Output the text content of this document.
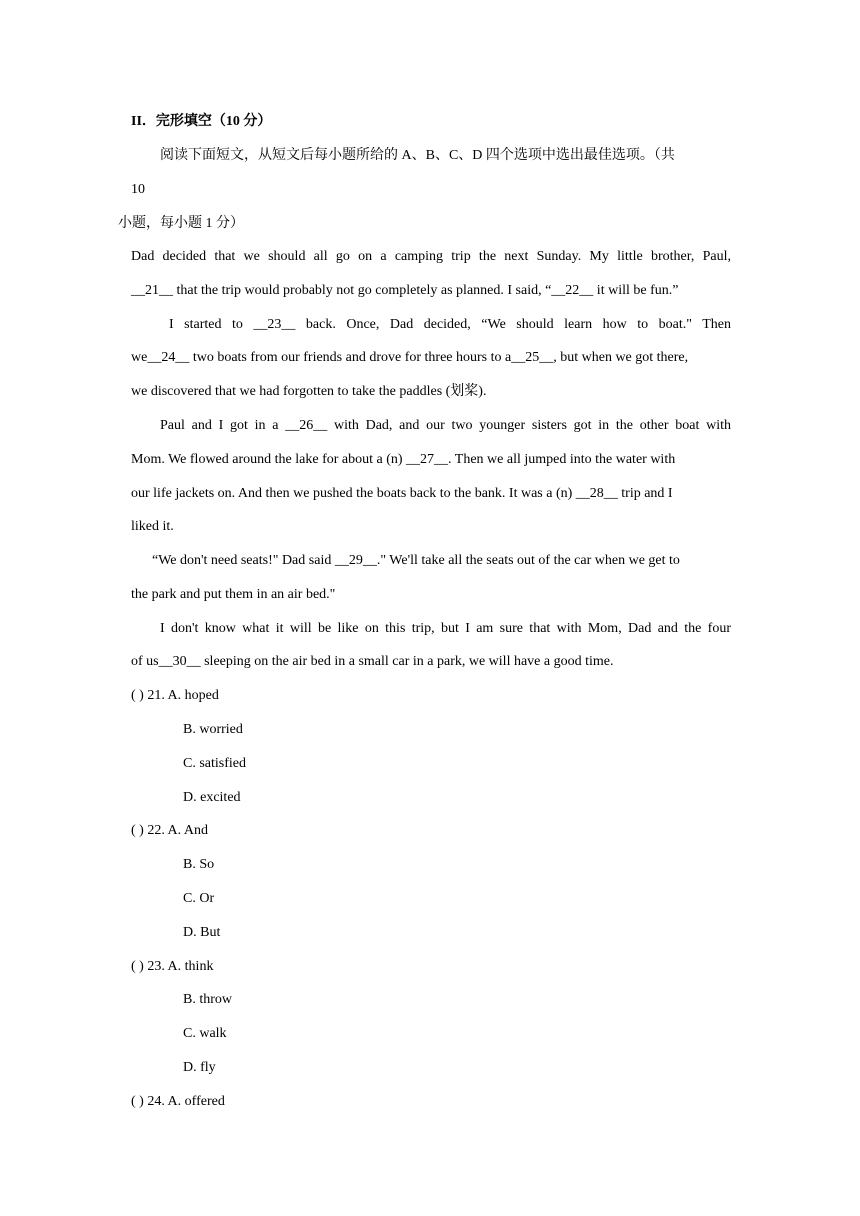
II．完形填空（10 分）
阅读下面短文，从短文后每小题所给的 A、B、C、D 四个选项中选出最佳选项。（共
10
小题，每小题 1 分）
Dad decided that we should all go on a camping trip the next Sunday. My little brother, Paul,
__21__ that the trip would probably not go completely as planned. I said, “__22__ it will be fun.”
I started to __23__ back. Once, Dad decided, “We should learn how to boat." Then
we__24__ two boats from our friends and drove for three hours to a__25__, but when we got there,
we discovered that we had forgotten to take the paddles (划桨).
Paul and I got in a __26__ with Dad, and our two younger sisters got in the other boat with
Mom. We flowed around the lake for about a (n) __27__. Then we all jumped into the water with
our life jackets on. And then we pushed the boats back to the bank. It was a (n) __28__ trip and I
liked it.
“We don't need seats!" Dad said __29__." We'll take all the seats out of the car when we get to
the park and put them in an air bed."
I don't know what it will be like on this trip, but I am sure that with Mom, Dad and the four
of us__30__ sleeping on the air bed in a small car in a park, we will have a good time.
( ) 21. A. hoped
B. worried
C. satisfied
D. excited
( ) 22. A. And
B. So
C. Or
D. But
( ) 23. A. think
B. throw
C. walk
D. fly
( ) 24. A. offered
